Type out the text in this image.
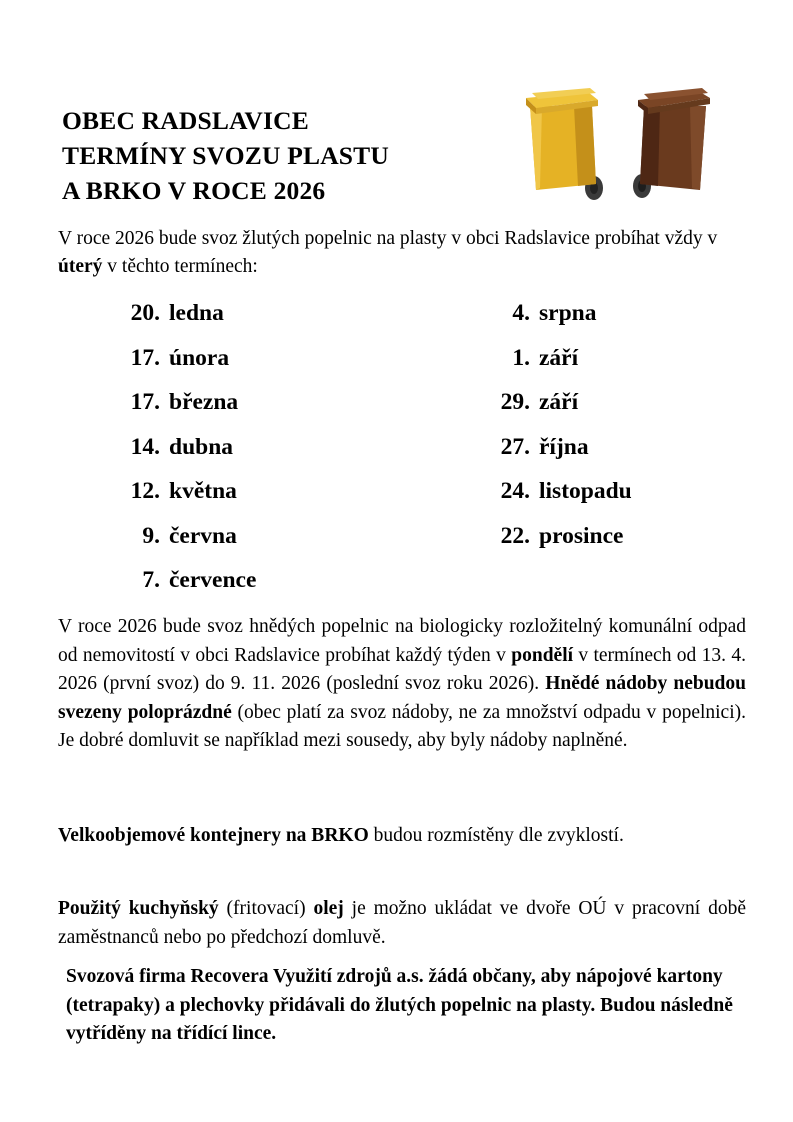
OBEC RADSLAVICE
TERMÍNY SVOZU PLASTU
A BRKO V ROCE 2026
V roce 2026 bude svoz žlutých popelnic na plasty v obci Radslavice probíhat vždy v úterý v těchto termínech:
20. ledna
17. února
17. března
14. dubna
12. května
9. června
7. července
4. srpna
1. září
29. září
27. října
24. listopadu
22. prosince
V roce 2026 bude svoz hnědých popelnic na biologicky rozložitelný komunální odpad od nemovitostí v obci Radslavice probíhat každý týden v pondělí v termínech od 13. 4. 2026 (první svoz) do 9. 11. 2026 (poslední svoz roku 2026). Hnědé nádoby nebudou svezeny poloprázdné (obec platí za svoz nádoby, ne za množství odpadu v popelnici). Je dobré domluvit se například mezi sousedy, aby byly nádoby naplněné.
Velkoobjemové kontejnery na BRKO budou rozmístěny dle zvyklostí.
Použitý kuchyňský (fritovací) olej je možno ukládat ve dvoře OÚ v pracovní době zaměstnanců nebo po předchozí domluvě.
Svozová firma Recovera Využití zdrojů a.s. žádá občany, aby nápojové kartony (tetrapaky) a plechovky přidávali do žlutých popelnic na plasty. Budou následně vytříděny na třídící lince.
